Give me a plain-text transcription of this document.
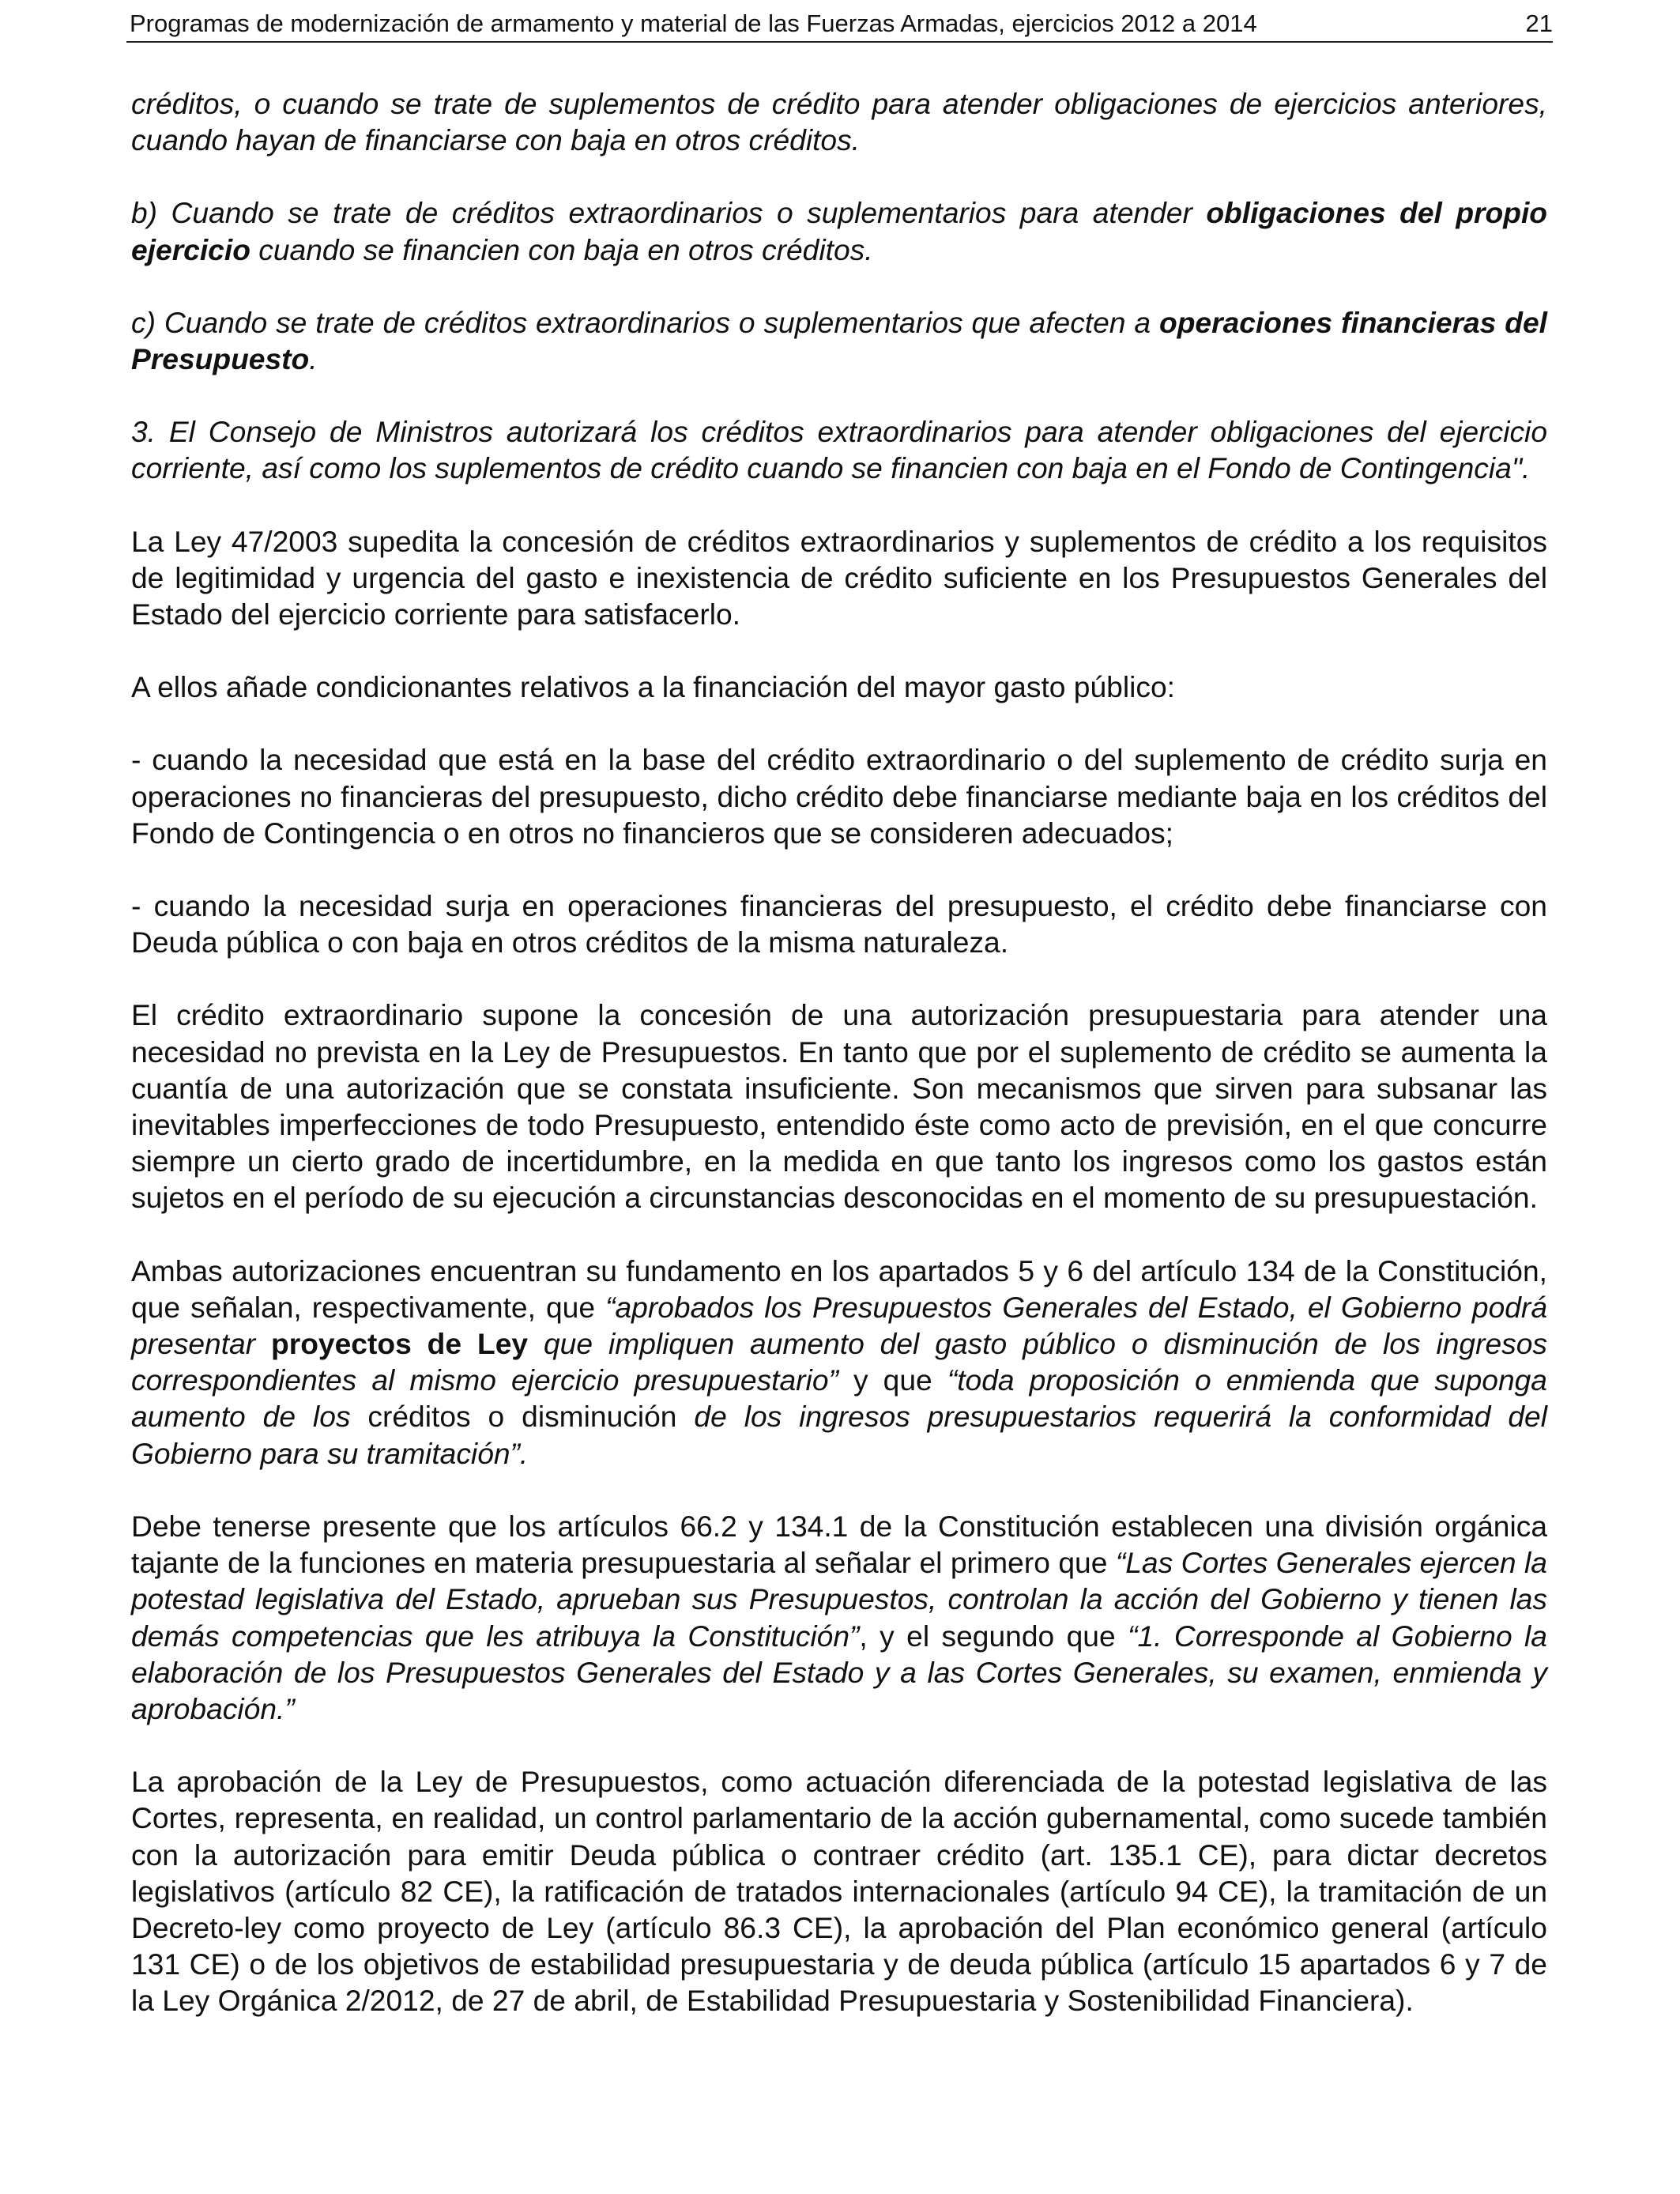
Programas de modernización de armamento y material de las Fuerzas Armadas, ejercicios 2012 a 2014	21

créditos, o cuando se trate de suplementos de crédito para atender obligaciones de ejercicios anteriores, cuando hayan de financiarse con baja en otros créditos.

b) Cuando se trate de créditos extraordinarios o suplementarios para atender obligaciones del propio ejercicio cuando se financien con baja en otros créditos.

c) Cuando se trate de créditos extraordinarios o suplementarios que afecten a operaciones financieras del Presupuesto.

3. El Consejo de Ministros autorizará los créditos extraordinarios para atender obligaciones del ejercicio corriente, así como los suplementos de crédito cuando se financien con baja en el Fondo de Contingencia".

La Ley 47/2003 supedita la concesión de créditos extraordinarios y suplementos de crédito a los requisitos de legitimidad y urgencia del gasto e inexistencia de crédito suficiente en los Presupuestos Generales del Estado del ejercicio corriente para satisfacerlo.

A ellos añade condicionantes relativos a la financiación del mayor gasto público:

- cuando la necesidad que está en la base del crédito extraordinario o del suplemento de crédito surja en operaciones no financieras del presupuesto, dicho crédito debe financiarse mediante baja en los créditos del Fondo de Contingencia o en otros no financieros que se consideren adecuados;

- cuando la necesidad surja en operaciones financieras del presupuesto, el crédito debe financiarse con Deuda pública o con baja en otros créditos de la misma naturaleza.

El crédito extraordinario supone la concesión de una autorización presupuestaria para atender una necesidad no prevista en la Ley de Presupuestos. En tanto que por el suplemento de crédito se aumenta la cuantía de una autorización que se constata insuficiente. Son mecanismos que sirven para subsanar las inevitables imperfecciones de todo Presupuesto, entendido éste como acto de previsión, en el que concurre siempre un cierto grado de incertidumbre, en la medida en que tanto los ingresos como los gastos están sujetos en el período de su ejecución a circunstancias desconocidas en el momento de su presupuestación.

Ambas autorizaciones encuentran su fundamento en los apartados 5 y 6 del artículo 134 de la Constitución, que señalan, respectivamente, que “aprobados los Presupuestos Generales del Estado, el Gobierno podrá presentar proyectos de Ley que impliquen aumento del gasto público o disminución de los ingresos correspondientes al mismo ejercicio presupuestario” y que “toda proposición o enmienda que suponga aumento de los créditos o disminución de los ingresos presupuestarios requerirá la conformidad del Gobierno para su tramitación”.

Debe tenerse presente que los artículos 66.2 y 134.1 de la Constitución establecen una división orgánica tajante de la funciones en materia presupuestaria al señalar el primero que “Las Cortes Generales ejercen la potestad legislativa del Estado, aprueban sus Presupuestos, controlan la acción del Gobierno y tienen las demás competencias que les atribuya la Constitución”, y el segundo que “1. Corresponde al Gobierno la elaboración de los Presupuestos Generales del Estado y a las Cortes Generales, su examen, enmienda y aprobación.”

La aprobación de la Ley de Presupuestos, como actuación diferenciada de la potestad legislativa de las Cortes, representa, en realidad, un control parlamentario de la acción gubernamental, como sucede también con la autorización para emitir Deuda pública o contraer crédito (art. 135.1 CE), para dictar decretos legislativos (artículo 82 CE), la ratificación de tratados internacionales (artículo 94 CE), la tramitación de un Decreto-ley como proyecto de Ley (artículo 86.3 CE), la aprobación del Plan económico general (artículo 131 CE) o de los objetivos de estabilidad presupuestaria y de deuda pública (artículo 15 apartados 6 y 7 de la Ley Orgánica 2/2012, de 27 de abril, de Estabilidad Presupuestaria y Sostenibilidad Financiera).
